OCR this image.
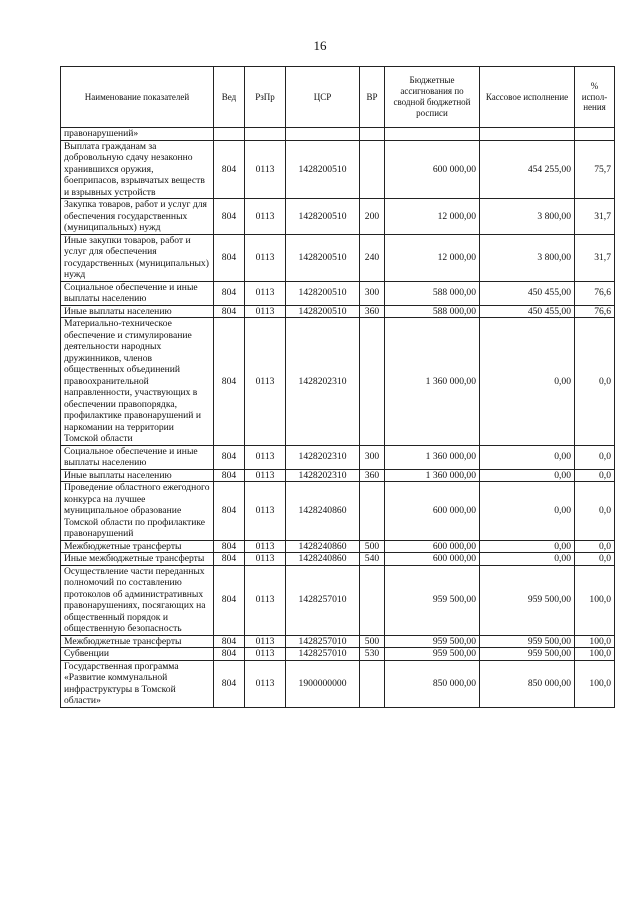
16
Наименование показателей	Вед	РзПр	ЦСР	ВР	Бюджетные ассигнования по сводной бюджетной росписи	Кассовое исполнение	% испол-нения
правонарушений»							
Выплата гражданам за добровольную сдачу незаконно хранившихся оружия, боеприпасов, взрывчатых веществ и взрывных устройств	804	0113	1428200510		600 000,00	454 255,00	75,7
Закупка товаров, работ и услуг для обеспечения государственных (муниципальных) нужд	804	0113	1428200510	200	12 000,00	3 800,00	31,7
Иные закупки товаров, работ и услуг для обеспечения государственных (муниципальных) нужд	804	0113	1428200510	240	12 000,00	3 800,00	31,7
Социальное обеспечение и иные выплаты населению	804	0113	1428200510	300	588 000,00	450 455,00	76,6
Иные выплаты населению	804	0113	1428200510	360	588 000,00	450 455,00	76,6
Материально-техническое обеспечение и стимулирование деятельности народных дружинников, членов общественных объединений правоохранительной направленности, участвующих в обеспечении правопорядка, профилактике правонарушений и наркомании на территории Томской области	804	0113	1428202310		1 360 000,00	0,00	0,0
Социальное обеспечение и иные выплаты населению	804	0113	1428202310	300	1 360 000,00	0,00	0,0
Иные выплаты населению	804	0113	1428202310	360	1 360 000,00	0,00	0,0
Проведение областного ежегодного конкурса на лучшее муниципальное образование Томской области по профилактике правонарушений	804	0113	1428240860		600 000,00	0,00	0,0
Межбюджетные трансферты	804	0113	1428240860	500	600 000,00	0,00	0,0
Иные межбюджетные трансферты	804	0113	1428240860	540	600 000,00	0,00	0,0
Осуществление части переданных полномочий по составлению протоколов об административных правонарушениях, посягающих на общественный порядок и общественную безопасность	804	0113	1428257010		959 500,00	959 500,00	100,0
Межбюджетные трансферты	804	0113	1428257010	500	959 500,00	959 500,00	100,0
Субвенции	804	0113	1428257010	530	959 500,00	959 500,00	100,0
Государственная программа «Развитие коммунальной инфраструктуры в Томской области»	804	0113	1900000000		850 000,00	850 000,00	100,0
